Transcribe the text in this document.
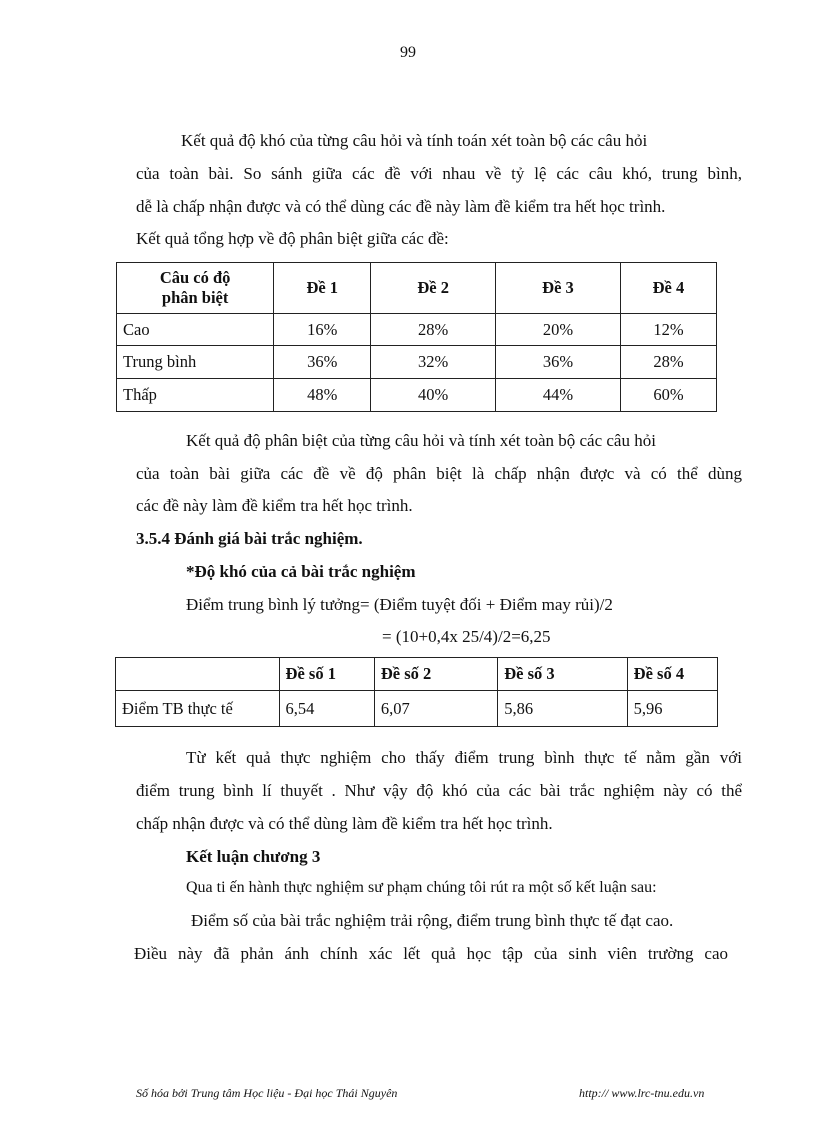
99
Kết quả độ khó của từng câu hỏi và tính toán xét toàn bộ các câu hỏi
của toàn bài. So sánh giữa các đề với nhau về tỷ lệ các câu khó, trung bình,
dễ là chấp nhận được và có thể dùng các đề này làm đề kiểm tra hết học trình.
Kết quả tổng hợp về độ phân biệt giữa các đề:
Câu có độ
phân biệt	Đề 1	Đề 2	Đề 3	Đề 4
Cao	16%	28%	20%	12%
Trung bình	36%	32%	36%	28%
Thấp	48%	40%	44%	60%
Kết quả độ phân biệt của từng câu hỏi và tính xét toàn bộ các câu hỏi
của toàn bài giữa các đề về độ phân biệt là chấp nhận được và có thể dùng
các đề này làm đề kiểm tra hết học trình.
3.5.4 Đánh giá bài trắc nghiệm.
*Độ khó của cả bài trắc nghiệm
Điểm trung bình lý tưởng= (Điểm tuyệt đối + Điểm may rủi)/2
= (10+0,4x 25/4)/2=6,25
	Đề số 1	Đề số 2	Đề số 3	Đề số 4
Điểm TB thực tế	6,54	6,07	5,86	5,96
Từ kết quả thực nghiệm cho thấy điểm trung bình thực tế nằm gần với
điểm trung bình lí thuyết . Như vậy độ khó của các bài trắc nghiệm này có thể
chấp nhận được và có thể dùng làm đề kiểm tra hết học trình.
Kết luận chương 3
Qua ti ến hành thực nghiệm sư phạm chúng tôi rút ra một số kết luận sau:
Điểm số của bài trắc nghiệm trải rộng, điểm trung bình thực tế đạt cao.
Điều này đã phản ánh chính xác lết quả học tập của sinh viên trường cao
Số hóa bởi Trung tâm Học liệu - Đại học Thái Nguyên	http:// www.lrc-tnu.edu.vn
